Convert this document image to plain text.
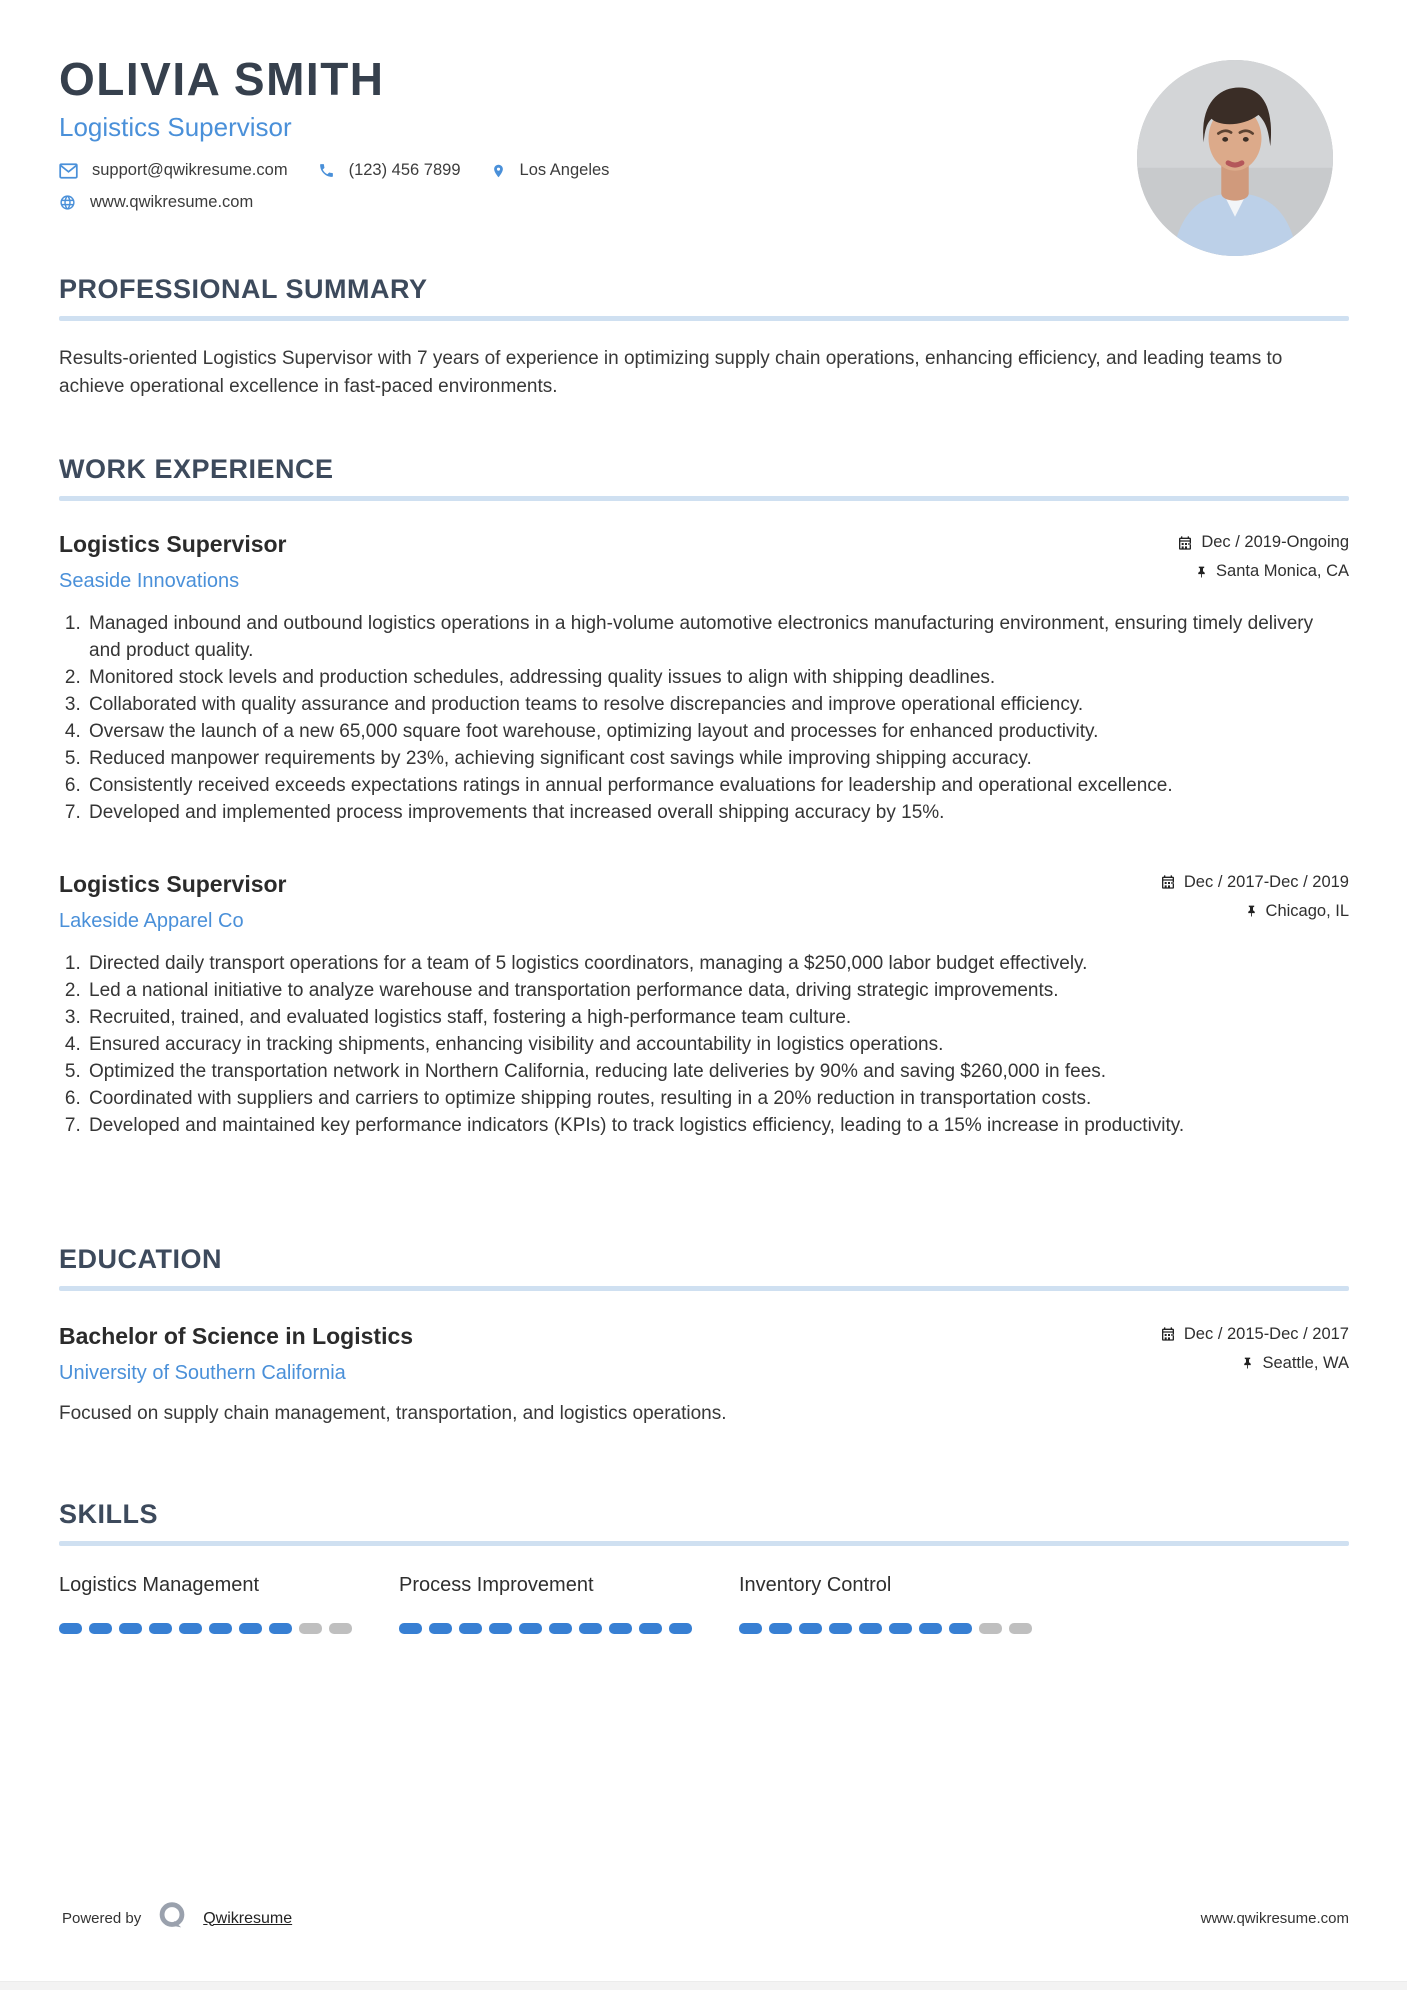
OLIVIA SMITH
Logistics Supervisor
support@qwikresume.com	(123) 456 7899	Los Angeles
www.qwikresume.com
PROFESSIONAL SUMMARY

Results-oriented Logistics Supervisor with 7 years of experience in optimizing supply chain operations, enhancing efficiency, and leading teams to achieve operational excellence in fast-paced environments.

WORK EXPERIENCE
Logistics Supervisor
Seaside Innovations
Dec / 2019-Ongoing
Santa Monica, CA
1. Managed inbound and outbound logistics operations in a high-volume automotive electronics manufacturing environment, ensuring timely delivery and product quality.
2. Monitored stock levels and production schedules, addressing quality issues to align with shipping deadlines.
3. Collaborated with quality assurance and production teams to resolve discrepancies and improve operational efficiency.
4. Oversaw the launch of a new 65,000 square foot warehouse, optimizing layout and processes for enhanced productivity.
5. Reduced manpower requirements by 23%, achieving significant cost savings while improving shipping accuracy.
6. Consistently received exceeds expectations ratings in annual performance evaluations for leadership and operational excellence.
7. Developed and implemented process improvements that increased overall shipping accuracy by 15%.
Logistics Supervisor
Lakeside Apparel Co
Dec / 2017-Dec / 2019
Chicago, IL
1. Directed daily transport operations for a team of 5 logistics coordinators, managing a $250,000 labor budget effectively.
2. Led a national initiative to analyze warehouse and transportation performance data, driving strategic improvements.
3. Recruited, trained, and evaluated logistics staff, fostering a high-performance team culture.
4. Ensured accuracy in tracking shipments, enhancing visibility and accountability in logistics operations.
5. Optimized the transportation network in Northern California, reducing late deliveries by 90% and saving $260,000 in fees.
6. Coordinated with suppliers and carriers to optimize shipping routes, resulting in a 20% reduction in transportation costs.
7. Developed and maintained key performance indicators (KPIs) to track logistics efficiency, leading to a 15% increase in productivity.
EDUCATION
Bachelor of Science in Logistics
University of Southern California
Dec / 2015-Dec / 2017
Seattle, WA

Focused on supply chain management, transportation, and logistics operations.

SKILLS
Logistics Management	Process Improvement	Inventory Control
Powered by	Qwikresume	www.qwikresume.com
